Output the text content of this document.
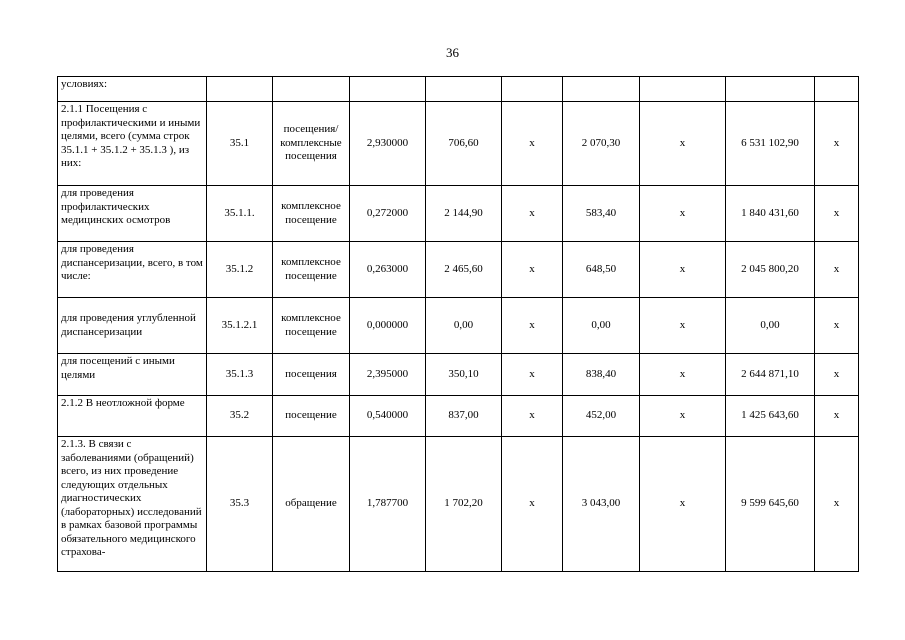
36
условиях:									
2.1.1 Посещения с профилактическими и иными целями, всего (сумма строк 35.1.1 + 35.1.2 + 35.1.3 ), из них:	35.1	посещения/комплексные посещения	2,930000	706,60	х	2 070,30	х	6 531 102,90	х
для проведения профилактических медицинских осмотров	35.1.1.	комплексное посещение	0,272000	2 144,90	х	583,40	х	1 840 431,60	х
для проведения диспансеризации, всего, в том числе:	35.1.2	комплексное посещение	0,263000	2 465,60	х	648,50	х	2 045 800,20	х
для проведения углубленной диспансеризации	35.1.2.1	комплексное посещение	0,000000	0,00	х	0,00	х	0,00	х
для посещений с иными целями	35.1.3	посещения	2,395000	350,10	х	838,40	х	2 644 871,10	х
2.1.2 В неотложной форме	35.2	посещение	0,540000	837,00	х	452,00	х	1 425 643,60	х
2.1.3. В связи с заболеваниями (обращений) всего, из них проведение следующих отдельных диагностических (лабораторных) исследований в рамках базовой программы обязательного медицинского страхова-	35.3	обращение	1,787700	1 702,20	х	3 043,00	х	9 599 645,60	х
